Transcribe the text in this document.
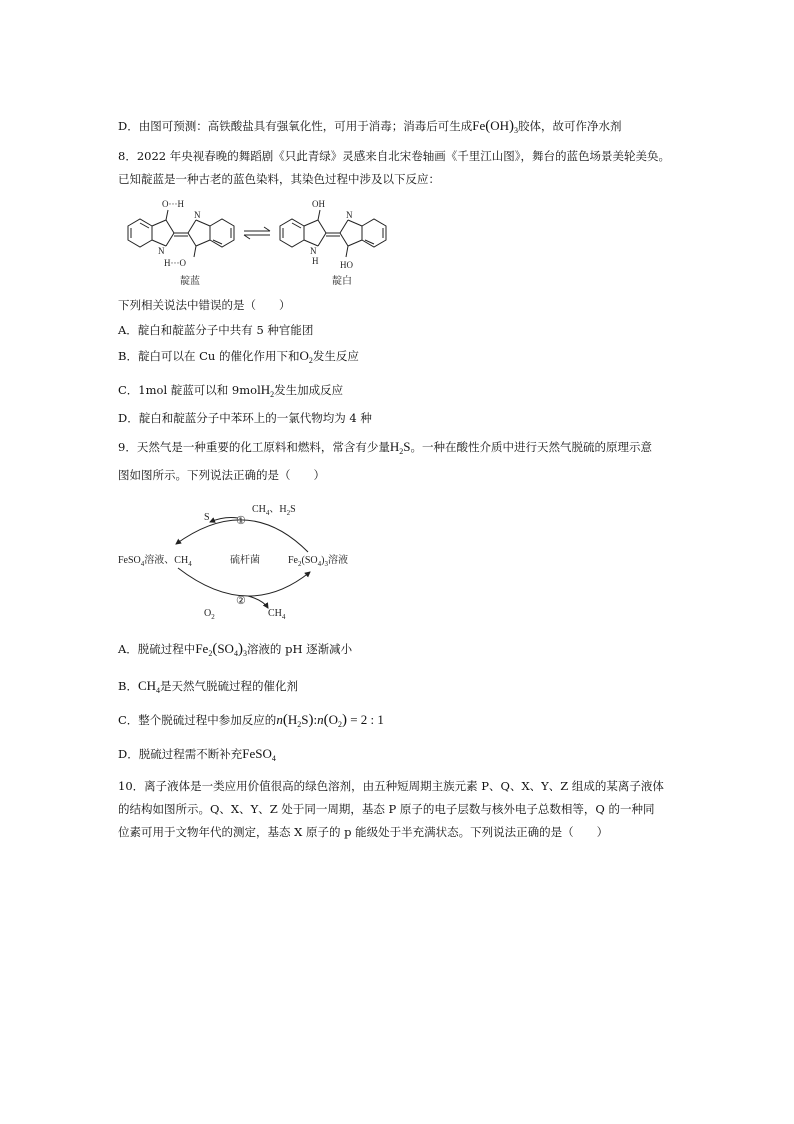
D．由图可预测：高铁酸盐具有强氧化性，可用于消毒；消毒后可生成$Fe(OH)_3$胶体，故可作净水剂
8．2022 年央视春晚的舞蹈剧《只此青绿》灵感来自北宋卷轴画《千里江山图》，舞台的蓝色场景美轮美奂。
已知靛蓝是一种古老的蓝色染料，其染色过程中涉及以下反应：
O···H
N
N
H···O
OH
N
N
H HO
靛蓝	靛白
下列相关说法中错误的是（　　）
A．靛白和靛蓝分子中共有 5 种官能团
B．靛白可以在 Cu 的催化作用下和$O_2$发生反应
C．1mol 靛蓝可以和 9molH$_2$发生加成反应
D．靛白和靛蓝分子中苯环上的一氯代物均为 4 种
9．天然气是一种重要的化工原料和燃料，常含有少量$H_2S$。一种在酸性介质中进行天然气脱硫的原理示意
图如图所示。下列说法正确的是（　　）
S ①
$CH_4$、$H_2S$
FeSO$_4$溶液、$CH_4$	硫杆菌	$Fe_2(SO_4)_3$溶液
②
$O_2$	$CH_4$
A．脱硫过程中$Fe_2(SO_4)_3$溶液的 pH 逐渐减小
B．$CH_4$是天然气脱硫过程的催化剂
C．整个脱硫过程中参加反应的$n(H_2S):n(O_2) = 2$ : 1
D．脱硫过程需不断补充FeSO$_4$
10．离子液体是一类应用价值很高的绿色溶剂，由五种短周期主族元素 P、Q、X、Y、Z 组成的某离子液体
的结构如图所示。Q、X、Y、Z 处于同一周期，基态 P 原子的电子层数与核外电子总数相等，Q 的一种同
位素可用于文物年代的测定，基态 X 原子的 p 能级处于半充满状态。下列说法正确的是（　　）
